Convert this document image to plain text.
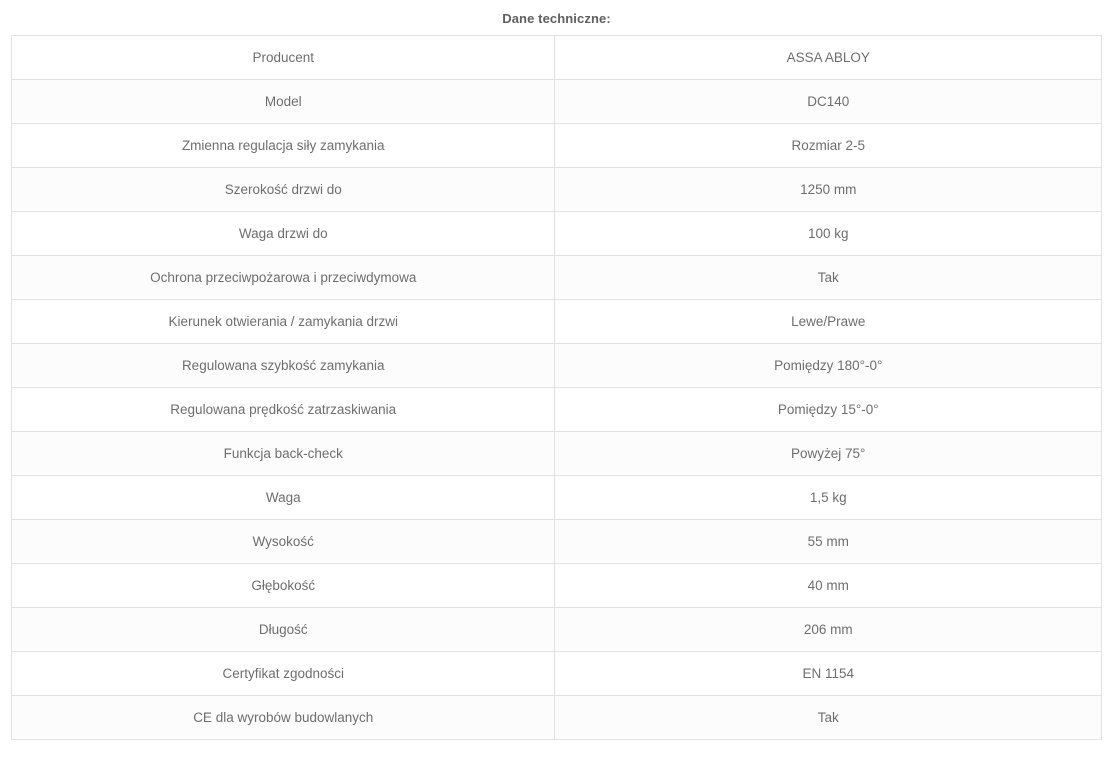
Dane techniczne:
Producent	ASSA ABLOY
Model	DC140
Zmienna regulacja siły zamykania	Rozmiar 2-5
Szerokość drzwi do	1250 mm
Waga drzwi do	100 kg
Ochrona przeciwpożarowa i przeciwdymowa	Tak
Kierunek otwierania / zamykania drzwi	Lewe/Prawe
Regulowana szybkość zamykania	Pomiędzy 180°-0°
Regulowana prędkość zatrzaskiwania	Pomiędzy 15°-0°
Funkcja back-check	Powyżej 75°
Waga	1,5 kg
Wysokość	55 mm
Głębokość	40 mm
Długość	206 mm
Certyfikat zgodności	EN 1154
CE dla wyrobów budowlanych	Tak
